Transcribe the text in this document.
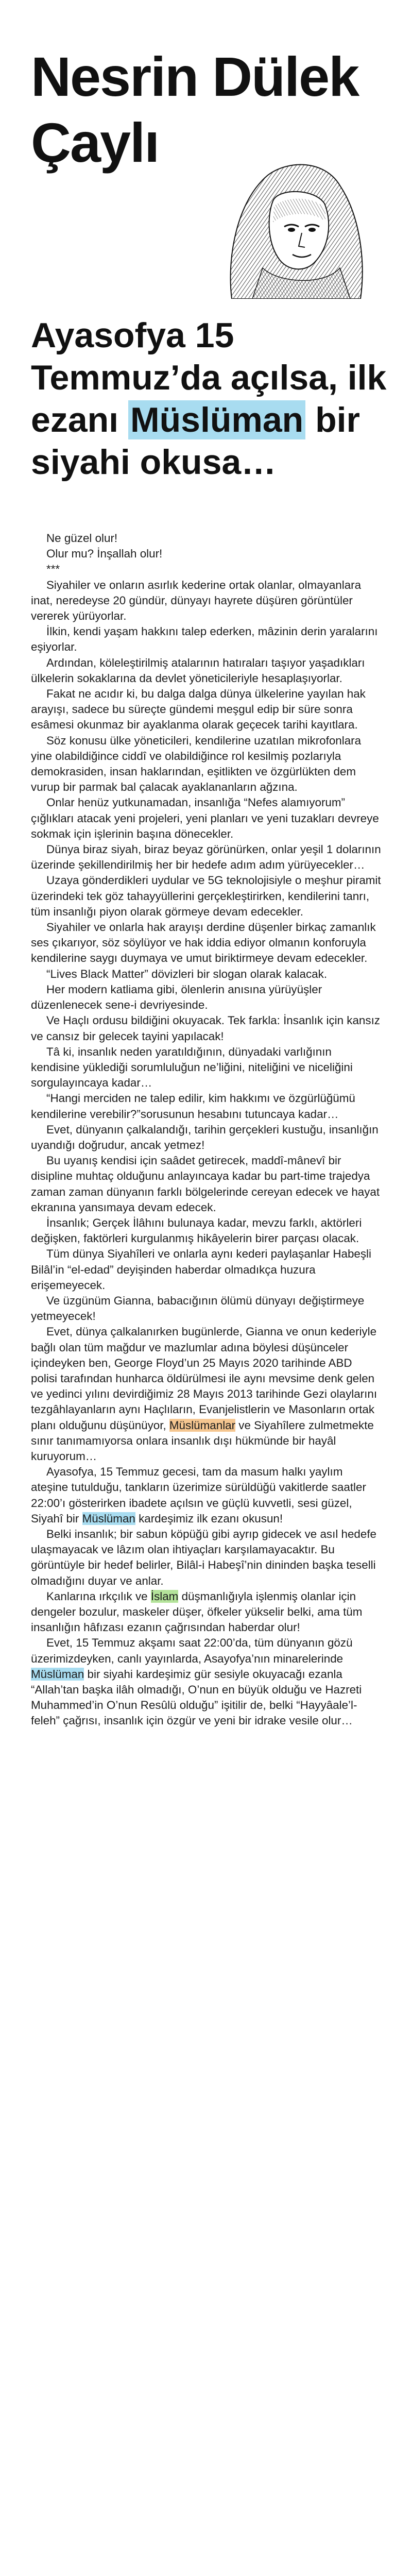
Nesrin Dülek
Çaylı
Ayasofya 15 Temmuz’da açılsa, ilk ezanı Müslüman bir siyahi okusa…

Ne güzel olur!

Olur mu? İnşallah olur!

***

Siyahiler ve onların asırlık kederine ortak olanlar, olmayanlara inat, neredeyse 20 gündür, dünyayı hayrete düşüren görüntüler vererek yürüyorlar.

İlkin, kendi yaşam hakkını talep ederken, mâzinin derin yaralarını eşiyorlar.

Ardından, köleleştirilmiş atalarının hatıraları taşıyor yaşadıkları ülkelerin sokaklarına da devlet yöneticileriyle hesaplaşıyorlar.

Fakat ne acıdır ki, bu dalga dalga dünya ülkelerine yayılan hak arayışı, sadece bu süreçte gündemi meşgul edip bir süre sonra esâmesi okunmaz bir ayaklanma olarak geçecek tarihi kayıtlara.

Söz konusu ülke yöneticileri, kendilerine uzatılan mikrofonlara yine olabildiğince ciddî ve olabildiğince rol kesilmiş pozlarıyla demokrasiden, insan haklarından, eşitlikten ve özgürlükten dem vurup bir parmak bal çalacak ayaklananların ağzına.

Onlar henüz yutkunamadan, insanlığa “Nefes alamıyorum” çığlıkları atacak yeni projeleri, yeni planları ve yeni tuzakları devreye sokmak için işlerinin başına dönecekler.

Dünya biraz siyah, biraz beyaz görünürken, onlar yeşil 1 dolarının üzerinde şekillendirilmiş her bir hedefe adım adım yürüyecekler…

Uzaya gönderdikleri uydular ve 5G teknolojisiyle o meşhur piramit üzerindeki tek göz tahayyüllerini gerçekleştirirken, kendilerini tanrı, tüm insanlığı piyon olarak görmeye devam edecekler.

Siyahiler ve onlarla hak arayışı derdine düşenler birkaç zamanlık ses çıkarıyor, söz söylüyor ve hak iddia ediyor olmanın konforuyla kendilerine saygı duymaya ve umut biriktirmeye devam edecekler.

“Lives Black Matter” dövizleri bir slogan olarak kalacak.

Her modern katliama gibi, ölenlerin anısına yürüyüşler düzenlenecek sene-i devriyesinde.

Ve Haçlı ordusu bildiğini okuyacak. Tek farkla: İnsanlık için kansız ve cansız bir gelecek tayini yapılacak!

Tâ ki, insanlık neden yaratıldığının, dünyadaki varlığının kendisine yüklediği sorumluluğun ne’liğini, niteliğini ve niceliğini sorgulayıncaya kadar…

“Hangi merciden ne talep edilir, kim hakkımı ve özgürlüğümü kendilerine verebilir?”sorusunun hesabını tutuncaya kadar…

Evet, dünyanın çalkalandığı, tarihin gerçekleri kustuğu, insanlığın uyandığı doğrudur, ancak yetmez!

Bu uyanış kendisi için saâdet getirecek, maddî-mânevî bir disipline muhtaç olduğunu anlayıncaya kadar bu part-time trajedya zaman zaman dünyanın farklı bölgelerinde cereyan edecek ve hayat ekranına yansımaya devam edecek.

İnsanlık; Gerçek İlâhını bulunaya kadar, mevzu farklı, aktörleri değişken, faktörleri kurgulanmış hikâyelerin birer parçası olacak.

Tüm dünya Siyahîleri ve onlarla aynı kederi paylaşanlar Habeşli Bilâl’in “el-edad” deyişinden haberdar olmadıkça huzura erişemeyecek.

Ve üzgünüm Gianna, babacığının ölümü dünyayı değiştirmeye yetmeyecek!

Evet, dünya çalkalanırken bugünlerde, Gianna ve onun kederiyle bağlı olan tüm mağdur ve mazlumlar adına böylesi düşünceler içindeyken ben, George Floyd’un 25 Mayıs 2020 tarihinde ABD polisi tarafından hunharca öldürülmesi ile aynı mevsime denk gelen ve yedinci yılını devirdiğimiz 28 Mayıs 2013 tarihinde Gezi olaylarını tezgâhlayanların aynı Haçlıların, Evanjelistlerin ve Masonların ortak planı olduğunu düşünüyor, Müslümanlar ve Siyahîlere zulmetmekte sınır tanımamıyorsa onlara insanlık dışı hükmünde bir hayâl kuruyorum…

Ayasofya, 15 Temmuz gecesi, tam da masum halkı yaylım ateşine tutulduğu, tankların üzerimize sürüldüğü vakitlerde saatler 22:00’ı gösterirken ibadete açılsın ve güçlü kuvvetli, sesi güzel, Siyahî bir Müslüman kardeşimiz ilk ezanı okusun!

Belki insanlık; bir sabun köpüğü gibi ayrıp gidecek ve asıl hedefe ulaşmayacak ve lâzım olan ihtiyaçları karşılamayacaktır. Bu görüntüyle bir hedef belirler, Bilâl-i Habeşî’nin dininden başka teselli olmadığını duyar ve anlar.

Kanlarına ırkçılık ve İslam düşmanlığıyla işlenmiş olanlar için dengeler bozulur, maskeler düşer, öfkeler yükselir belki, ama tüm insanlığın hâfızası ezanın çağrısından haberdar olur!

Evet, 15 Temmuz akşamı saat 22:00’da, tüm dünyanın gözü üzerimizdeyken, canlı yayınlarda, Asayofya’nın minarelerinde Müslüman bir siyahi kardeşimiz gür sesiyle okuyacağı ezanla “Allah’tan başka ilâh olmadığı, O’nun en büyük olduğu ve Hazreti Muhammed’in O’nun Resûlü olduğu” işitilir de, belki “Hayyâale’l-feleh” çağrısı, insanlık için özgür ve yeni bir idrake vesile olur…
